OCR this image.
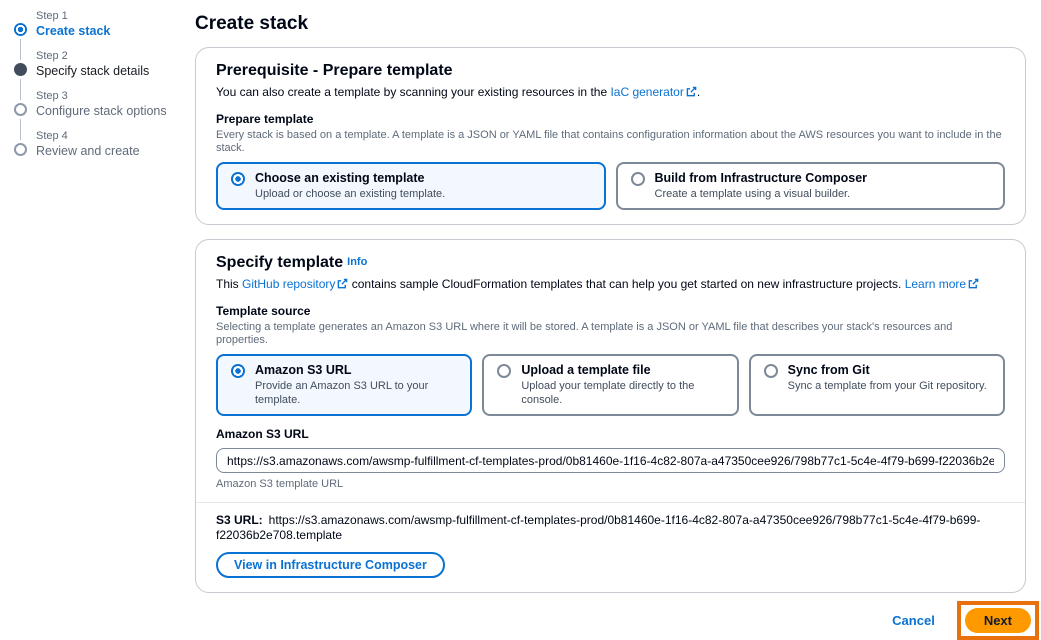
Step 1
Create stack
Step 2
Specify stack details
Step 3
Configure stack options
Step 4
Review and create
Create stack
Prerequisite - Prepare template

You can also create a template by scanning your existing resources in the IaC generator .

Prepare template
Every stack is based on a template. A template is a JSON or YAML file that contains configuration information about the AWS resources you want to include in the stack.
Choose an existing template
Upload or choose an existing template.
Build from Infrastructure Composer
Create a template using a visual builder.
Specify template Info

This GitHub repository contains sample CloudFormation templates that can help you get started on new infrastructure projects. Learn more

Template source
Selecting a template generates an Amazon S3 URL where it will be stored. A template is a JSON or YAML file that describes your stack's resources and properties.
Amazon S3 URL
Provide an Amazon S3 URL to your template.
Upload a template file
Upload your template directly to the console.
Sync from Git
Sync a template from your Git repository.
Amazon S3 URL
https://s3.amazonaws.com/awsmp-fulfillment-cf-templates-prod/0b81460e-1f16-4c82-807a-a47350cee926/798b77c1-5c4e-4f79-b699-f22036b2e708.template
Amazon S3 template URL
S3 URL: https://s3.amazonaws.com/awsmp-fulfillment-cf-templates-prod/0b81460e-1f16-4c82-807a-a47350cee926/798b77c1-5c4e-4f79-b699-f22036b2e708.template
View in Infrastructure Composer
Cancel	Next
